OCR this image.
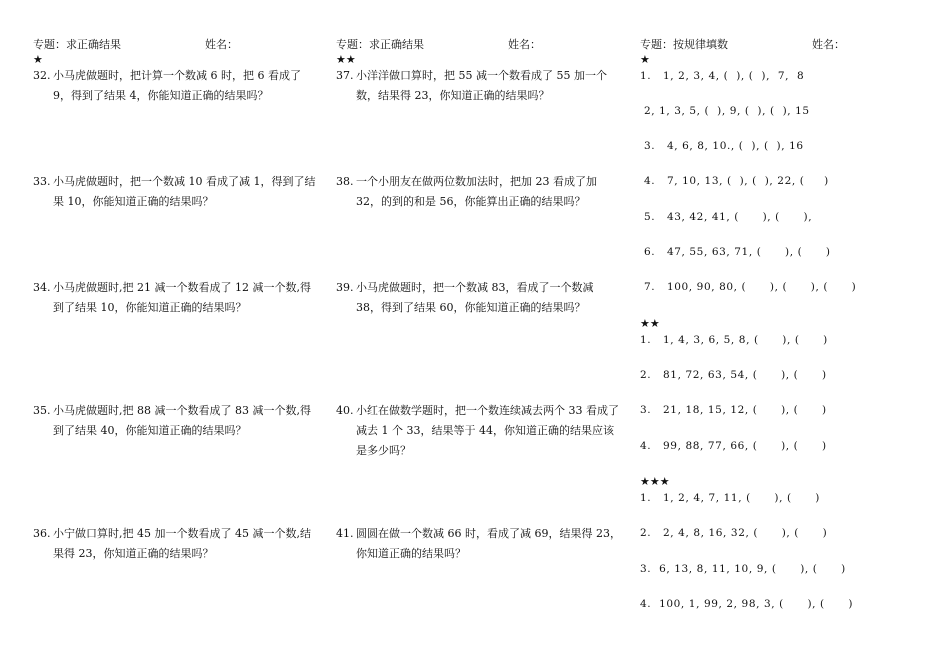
专题：求正确结果	姓名：
★
32. 小马虎做题时，把计算一个数减 6 时，把 6 看成了 9，得到了结果 4，你能知道正确的结果吗？
33. 小马虎做题时，把一个数减 10 看成了减 1，得到了结果 10，你能知道正确的结果吗？
34. 小马虎做题时,把 21 减一个数看成了 12 减一个数,得到了结果 10，你能知道正确的结果吗？
35. 小马虎做题时,把 88 减一个数看成了 83 减一个数,得到了结果 40，你能知道正确的结果吗？
36. 小宁做口算时,把 45 加一个数看成了 45 减一个数,结果得 23，你知道正确的结果吗？
专题：求正确结果	姓名：
★★
37. 小洋洋做口算时，把 55 减一个数看成了 55 加一个数，结果得 23，你知道正确的结果吗？
38. 一个小朋友在做两位数加法时，把加 23 看成了加 32，的到的和是 56，你能算出正确的结果吗？
39. 小马虎做题时，把一个数减 83，看成了一个数减 38，得到了结果 60，你能知道正确的结果吗？
40. 小红在做数学题时，把一个数连续减去两个 33 看成了减去 1 个 33，结果等于 44，你知道正确的结果应该是多少吗？
41. 圆圆在做一个数减 66 时，看成了减 69，结果得 23，你知道正确的结果吗？
专题：按规律填数	姓名：
★
1.   1, 2, 3, 4, (  ), (  ),  7,  8
2, 1, 3, 5, (  ), 9, (  ), (  ), 15
3.   4, 6, 8, 10., (  ), (  ), 16
4.   7, 10, 13, (  ), (  ), 22, (     )
5.   43, 42, 41, (      ), (      ),
6.   47, 55, 63, 71, (      ), (      )
7.   100, 90, 80, (      ), (      ), (      )
★★
1.   1, 4, 3, 6, 5, 8, (      ), (      )
2.   81, 72, 63, 54, (      ), (      )
3.   21, 18, 15, 12, (      ), (      )
4.   99, 88, 77, 66, (      ), (      )
★★★
1.   1, 2, 4, 7, 11, (      ), (      )
2.   2, 4, 8, 16, 32, (      ), (      )
3.  6, 13, 8, 11, 10, 9, (      ), (      )
4.  100, 1, 99, 2, 98, 3, (      ), (      )
